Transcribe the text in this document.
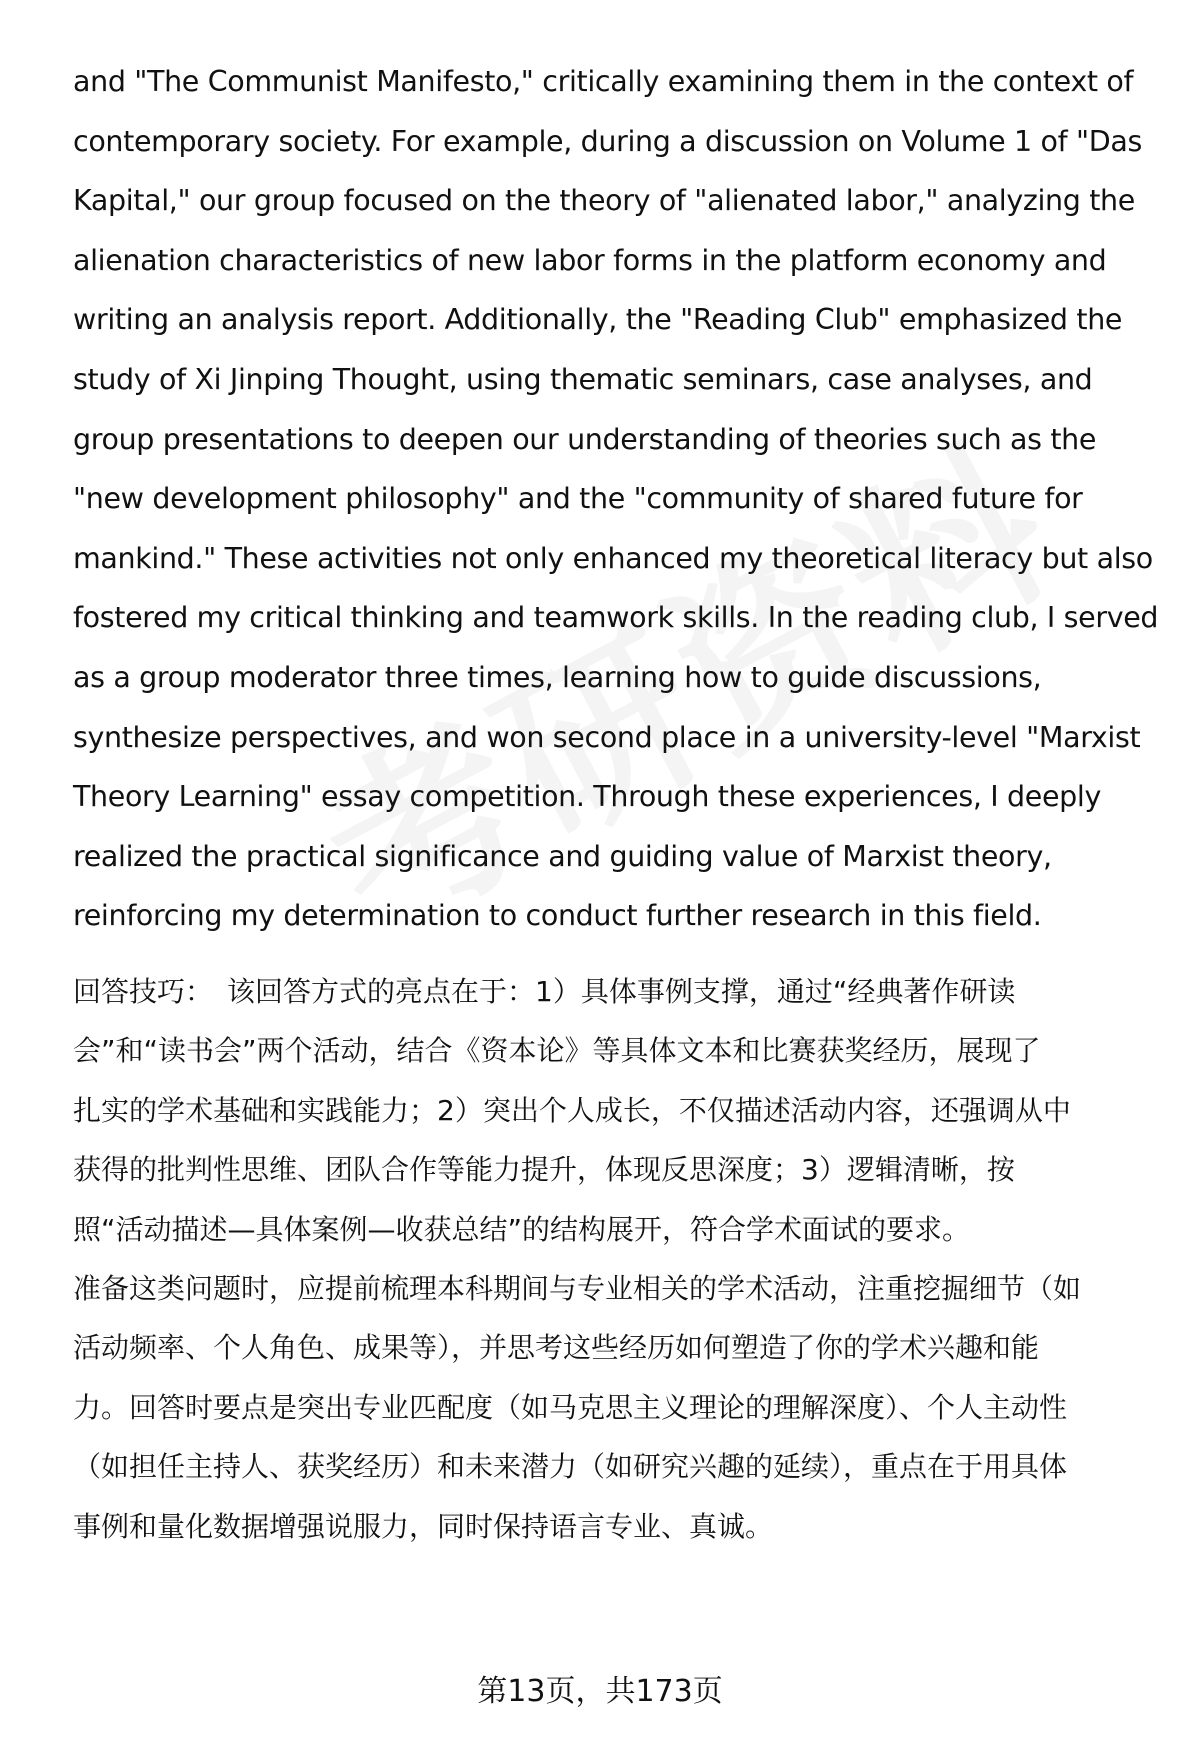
and "The Communist Manifesto," critically examining them in the context of contemporary society. For example, during a discussion on Volume 1 of "Das Kapital," our group focused on the theory of "alienated labor," analyzing the alienation characteristics of new labor forms in the platform economy and writing an analysis report. Additionally, the "Reading Club" emphasized the study of Xi Jinping Thought, using thematic seminars, case analyses, and group presentations to deepen our understanding of theories such as the "new development philosophy" and the "community of shared future for mankind." These activities not only enhanced my theoretical literacy but also fostered my critical thinking and teamwork skills. In the reading club, I served as a group moderator three times, learning how to guide discussions, synthesize perspectives, and won second place in a university-level "Marxist Theory Learning" essay competition. Through these experiences, I deeply realized the practical significance and guiding value of Marxist theory, reinforcing my determination to conduct further research in this field.

回答技巧： 该回答方式的亮点在于：1）具体事例支撑，通过“经典著作研读
会”和“读书会”两个活动，结合《资本论》等具体文本和比赛获奖经历，展现了
扎实的学术基础和实践能力；2）突出个人成长，不仅描述活动内容，还强调从中
获得的批判性思维、团队合作等能力提升，体现反思深度；3）逻辑清晰，按
照“活动描述—具体案例—收获总结”的结构展开，符合学术面试的要求。
准备这类问题时，应提前梳理本科期间与专业相关的学术活动，注重挖掘细节（如
活动频率、个人角色、成果等），并思考这些经历如何塑造了你的学术兴趣和能
力。回答时要点是突出专业匹配度（如马克思主义理论的理解深度）、个人主动性
（如担任主持人、获奖经历）和未来潜力（如研究兴趣的延续），重点在于用具体
事例和量化数据增强说服力，同时保持语言专业、真诚。
第13页，共173页
